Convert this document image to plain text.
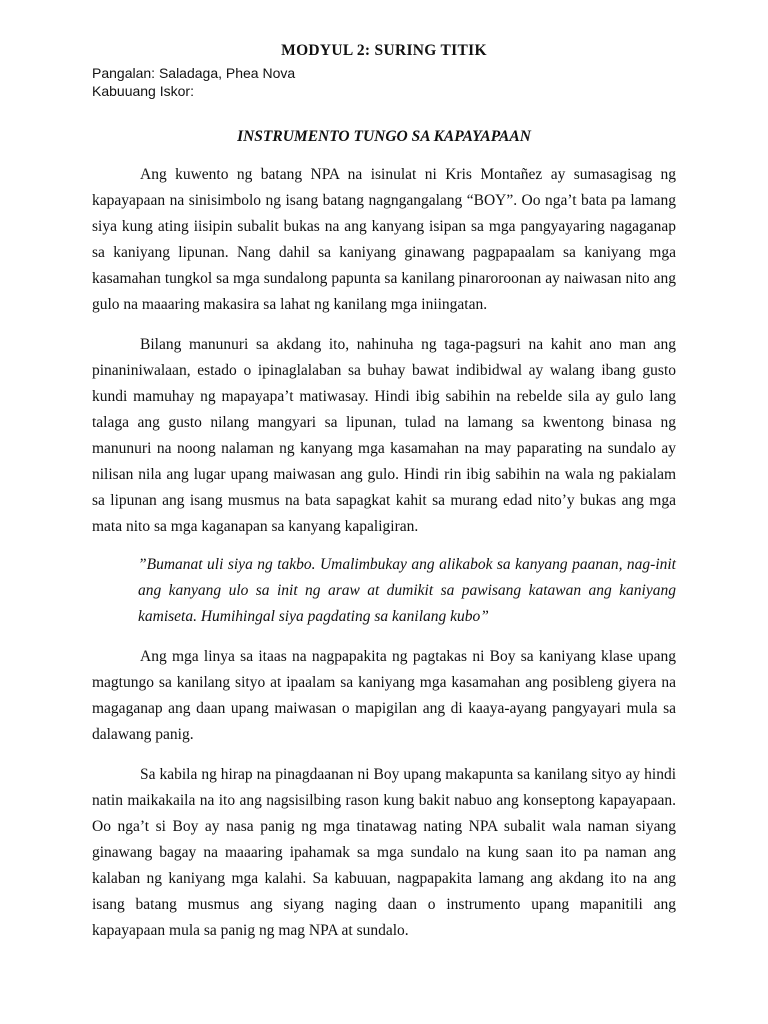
MODYUL 2: SURING TITIK

Pangalan: Saladaga, Phea Nova

Kabuuang Iskor:

INSTRUMENTO TUNGO SA KAPAYAPAAN

Ang kuwento ng batang NPA na isinulat ni Kris Montañez ay sumasagisag ng kapayapaan na sinisimbolo ng isang batang nagngangalang “BOY”. Oo nga’t bata pa lamang siya kung ating iisipin subalit bukas na ang kanyang isipan sa mga pangyayaring nagaganap sa kaniyang lipunan. Nang dahil sa kaniyang ginawang pagpapaalam sa kaniyang mga kasamahan tungkol sa mga sundalong papunta sa kanilang pinaroroonan ay naiwasan nito ang gulo na maaaring makasira sa lahat ng kanilang mga iniingatan.

Bilang manunuri sa akdang ito, nahinuha ng taga-pagsuri na kahit ano man ang pinaniniwalaan, estado o ipinaglalaban sa buhay bawat indibidwal ay walang ibang gusto kundi mamuhay ng mapayapa’t matiwasay. Hindi ibig sabihin na rebelde sila ay gulo lang talaga ang gusto nilang mangyari sa lipunan, tulad na lamang sa kwentong binasa ng manunuri na noong nalaman ng kanyang mga kasamahan na may paparating na sundalo ay nilisan nila ang lugar upang maiwasan ang gulo. Hindi rin ibig sabihin na wala ng pakialam sa lipunan ang isang musmus na bata sapagkat kahit sa murang edad nito’y bukas ang mga mata nito sa mga kaganapan sa kanyang kapaligiran.

”Bumanat uli siya ng takbo. Umalimbukay ang alikabok sa kanyang paanan, nag-init ang kanyang ulo sa init ng araw at dumikit sa pawisang katawan ang kaniyang kamiseta. Humihingal siya pagdating sa kanilang kubo”

Ang mga linya sa itaas na nagpapakita ng pagtakas ni Boy sa kaniyang klase upang magtungo sa kanilang sityo at ipaalam sa kaniyang mga kasamahan ang posibleng giyera na magaganap ang daan upang maiwasan o mapigilan ang di kaaya-ayang pangyayari mula sa dalawang panig.

Sa kabila ng hirap na pinagdaanan ni Boy upang makapunta sa kanilang sityo ay hindi natin maikakaila na ito ang nagsisilbing rason kung bakit nabuo ang konseptong kapayapaan. Oo nga’t si Boy ay nasa panig ng mga tinatawag nating NPA subalit wala naman siyang ginawang bagay na maaaring ipahamak sa mga sundalo na kung saan ito pa naman ang kalaban ng kaniyang mga kalahi. Sa kabuuan, nagpapakita lamang ang akdang ito na ang isang batang musmus ang siyang naging daan o instrumento upang mapanitili ang kapayapaan mula sa panig ng mag NPA at sundalo.
